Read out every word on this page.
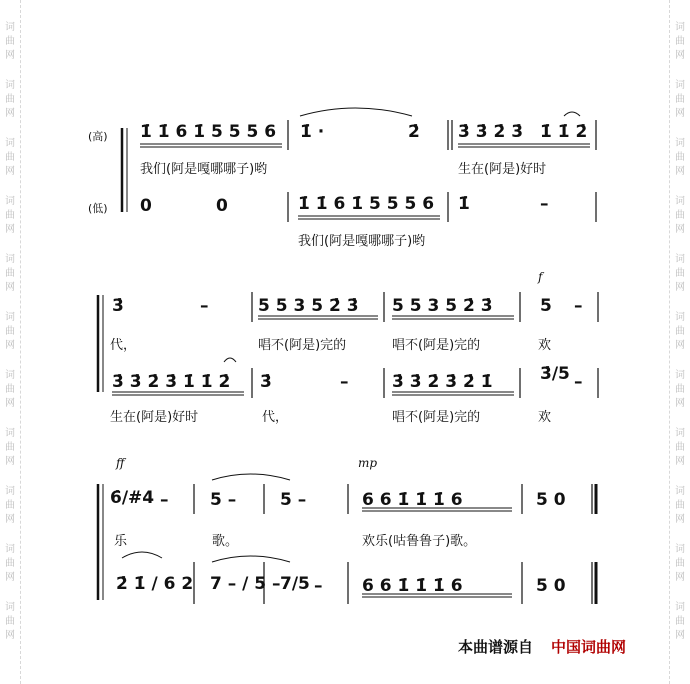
词
曲
网
词
曲
网
词
曲
网
词
曲
网
词
曲
网
词
曲
网
词
曲
网
词
曲
网
词
曲
网
词
曲
网
词
曲
网
词
曲
网
词
曲
网
词
曲
网
词
曲
网
词
曲
网
词
曲
网
词
曲
网
词
曲
网
词
曲
网
词
曲
网
词
曲
网
(高)
(低)
1̇ 1̇ 6 1̇ 5 5 5 6 1̇ ·	2̇ 3̇ 3̇ 2̇ 3̇ 1̇ 1̇ 2̇
我们(阿是嘎哪哪子)哟	生在(阿是)好时
0	0	1̇ 1̇ 6 1̇ 5 5 5 6 1̇	–
我们(阿是嘎哪哪子)哟
f
3̇	–	5 5 3 5 2̇ 3̇ 5 5 3 5 2̇ 3̇	5 –
代，	唱不(阿是)完的	唱不(阿是)完的	欢
3̇ 3̇ 2̇ 3̇ 1̇ 1̇ 2̇ 3̇	–	3̇ 3̇ 2̇ 3̇ 2̇ 1̇	3̇/5 –
生在(阿是)好时	代，	唱不(阿是)完的	欢
ff	mp
6̇/#4 – 5 –	5 –	6 6 1̇ 1̇ 1̇ 6	5 0
乐	歌。	欢乐(咕鲁鲁子)歌。
2̇ 1̇ / 6 2 7 – / 5 – 7/5 – 6 6 1̇ 1̇ 1̇ 6	5 0
本曲谱源自 中国词曲网
